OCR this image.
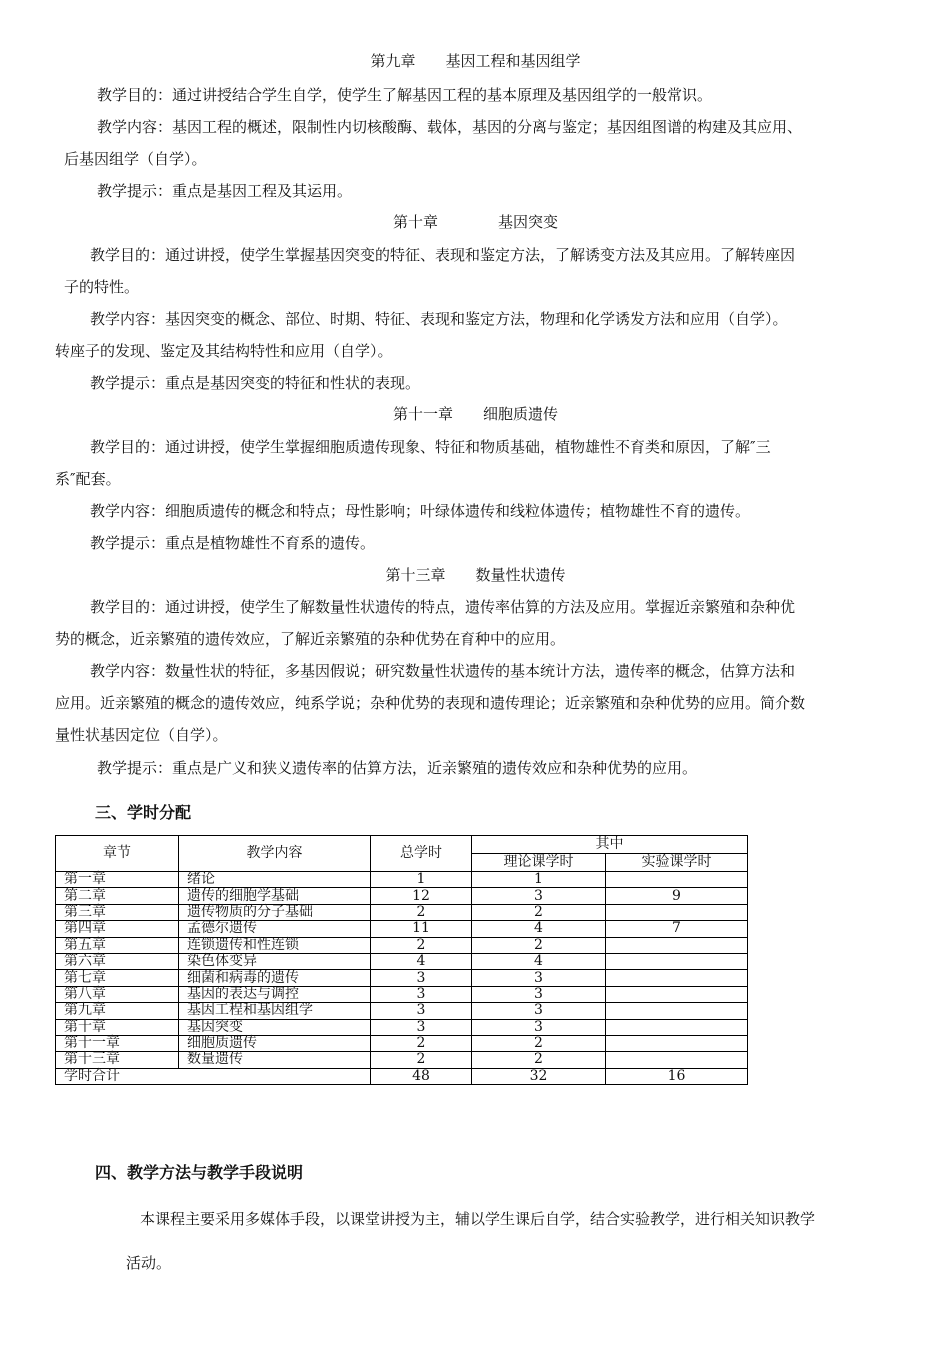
第九章　　基因工程和基因组学
教学目的：通过讲授结合学生自学，使学生了解基因工程的基本原理及基因组学的一般常识。
教学内容：基因工程的概述，限制性内切核酸酶、载体，基因的分离与鉴定；基因组图谱的构建及其应用、
后基因组学（自学）。
教学提示：重点是基因工程及其运用。
第十章　　　　基因突变
教学目的：通过讲授，使学生掌握基因突变的特征、表现和鉴定方法，了解诱变方法及其应用。了解转座因
子的特性。
教学内容：基因突变的概念、部位、时期、特征、表现和鉴定方法，物理和化学诱发方法和应用（自学）。
转座子的发现、鉴定及其结构特性和应用（自学）。
教学提示：重点是基因突变的特征和性状的表现。
第十一章　　细胞质遗传
教学目的：通过讲授，使学生掌握细胞质遗传现象、特征和物质基础，植物雄性不育类和原因，了解″三
系″配套。
教学内容：细胞质遗传的概念和特点；母性影响；叶绿体遗传和线粒体遗传；植物雄性不育的遗传。
教学提示：重点是植物雄性不育系的遗传。
第十三章　　数量性状遗传
教学目的：通过讲授，使学生了解数量性状遗传的特点，遗传率估算的方法及应用。掌握近亲繁殖和杂种优
势的概念，近亲繁殖的遗传效应，了解近亲繁殖的杂种优势在育种中的应用。
教学内容：数量性状的特征，多基因假说；研究数量性状遗传的基本统计方法，遗传率的概念，估算方法和
应用。近亲繁殖的概念的遗传效应，纯系学说；杂种优势的表现和遗传理论；近亲繁殖和杂种优势的应用。简介数
量性状基因定位（自学）。
教学提示：重点是广义和狭义遗传率的估算方法，近亲繁殖的遗传效应和杂种优势的应用。
三、学时分配
章节	教学内容	总学时	其中	
			理论课学时	实验课学时
第一章	绪论	1	1	
第二章	遗传的细胞学基础	12	3	9
第三章	遗传物质的分子基础	2	2	
第四章	孟德尔遗传	11	4	7
第五章	连锁遗传和性连锁	2	2	
第六章	染色体变异	4	4	
第七章	细菌和病毒的遗传	3	3	
第八章	基因的表达与调控	3	3	
第九章	基因工程和基因组学	3	3	
第十章	基因突变	3	3	
第十一章	细胞质遗传	2	2	
第十三章	数量遗传	2	2	
学时合计		48	32	16
四、教学方法与教学手段说明
本课程主要采用多媒体手段，以课堂讲授为主，辅以学生课后自学，结合实验教学，进行相关知识教学
活动。
